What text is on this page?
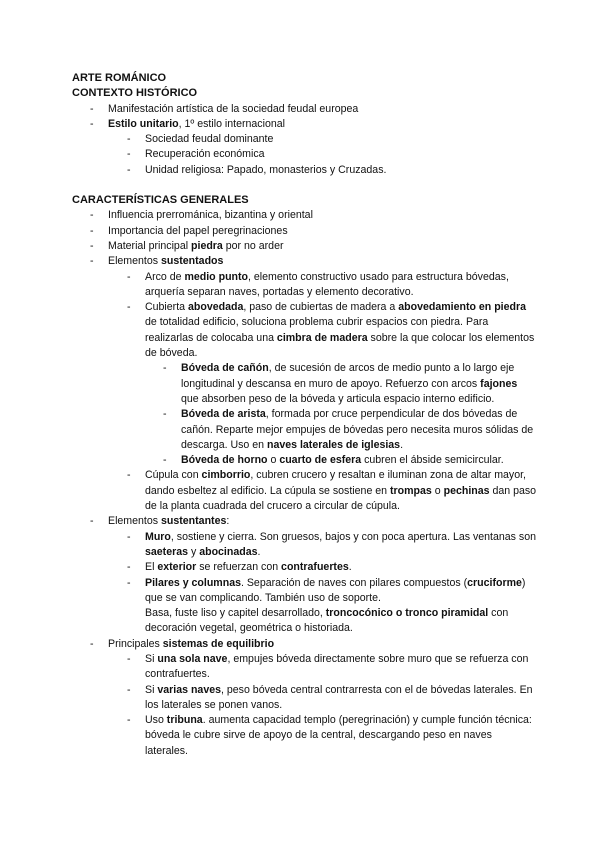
ARTE ROMÁNICO
CONTEXTO HISTÓRICO
- Manifestación artística de la sociedad feudal europea
- Estilo unitario, 1º estilo internacional
- Sociedad feudal dominante
- Recuperación económica
- Unidad religiosa: Papado, monasterios y Cruzadas.
CARACTERÍSTICAS GENERALES
- Influencia prerrománica, bizantina y oriental
- Importancia del papel peregrinaciones
- Material principal piedra por no arder
- Elementos sustentados
- Arco de medio punto, elemento constructivo usado para estructura bóvedas, arquería separan naves, portadas y elemento decorativo.
- Cubierta abovedada, paso de cubiertas de madera a abovedamiento en piedra de totalidad edificio, soluciona problema cubrir espacios con piedra. Para realizarlas de colocaba una cimbra de madera sobre la que colocar los elementos de bóveda.
- Bóveda de cañón, de sucesión de arcos de medio punto a lo largo eje longitudinal y descansa en muro de apoyo. Refuerzo con arcos fajones que absorben peso de la bóveda y articula espacio interno edificio.
- Bóveda de arista, formada por cruce perpendicular de dos bóvedas de cañón. Reparte mejor empujes de bóvedas pero necesita muros sólidas de descarga. Uso en naves laterales de iglesias.
- Bóveda de horno o cuarto de esfera cubren el ábside semicircular.
- Cúpula con cimborrio, cubren crucero y resaltan e iluminan zona de altar mayor, dando esbeltez al edificio. La cúpula se sostiene en trompas o pechinas dan paso de la planta cuadrada del crucero a circular de cúpula.
- Elementos sustentantes:
- Muro, sostiene y cierra. Son gruesos, bajos y con poca apertura. Las ventanas son saeteras y abocinadas.
- El exterior se refuerzan con contrafuertes.
- Pilares y columnas. Separación de naves con pilares compuestos (cruciforme) que se van complicando. También uso de soporte.
Basa, fuste liso y capitel desarrollado, troncocónico o tronco piramidal con decoración vegetal, geométrica o historiada.
- Principales sistemas de equilibrio
- Si una sola nave, empujes bóveda directamente sobre muro que se refuerza con contrafuertes.
- Si varias naves, peso bóveda central contrarresta con el de bóvedas laterales. En los laterales se ponen vanos.
- Uso tribuna. aumenta capacidad templo (peregrinación) y cumple función técnica: bóveda le cubre sirve de apoyo de la central, descargando peso en naves laterales.
